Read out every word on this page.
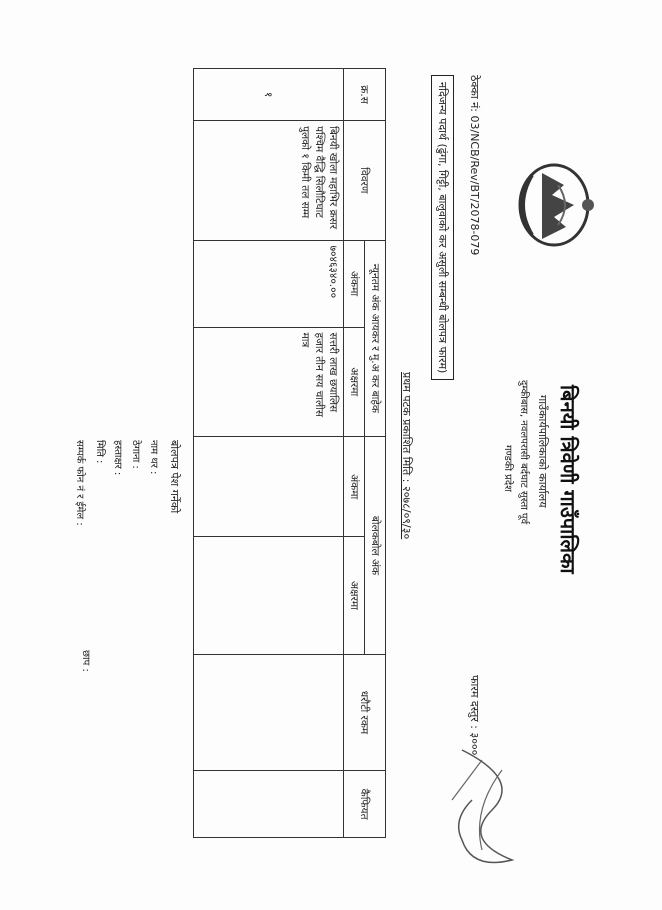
बिनयी त्रिवेणी गाउँपालिका
गाउँकार्यपालिकाको कार्यालय
दुम्कीबास, नवलपरासी बर्दघाट सुस्ता पूर्व
गण्डकी प्रदेश
फारम दस्तुर : ३०००
ठेक्का नं: 03/NCB/Rev/BT/2078-079
नदिजन्य पदार्थ (ढुंगा, गिट्टी, बालुवाको कर असुली सम्बन्धी बोलपत्र फारम)
प्रथम पटक प्रकाशित मिति : २०७८/०९/३०
क्र.स	विवरण	न्यूनतम अंक आयकर र मु.अ कर बाहेक		बोलकबोल अंक		धरौटी रकम	कैफियत
		अंकमा	अक्षरमा	अंकमा	अक्षरमा		
१	बिनयी खोला महाभिर क्रसर पश्चिम वैद्धि सिलौटिघाट पुलको १ किमी तल सम्म	७०४६३४०.००	सत्तरी लाख छयालिस हजार तीन सय चालीस मात्र				
बोलपत्र पेश गर्नेको
नाम थर :
ठेगाना :
हस्ताक्षर :
मिति :
सम्पर्क फोन नं र ईमेल :
छाप :
